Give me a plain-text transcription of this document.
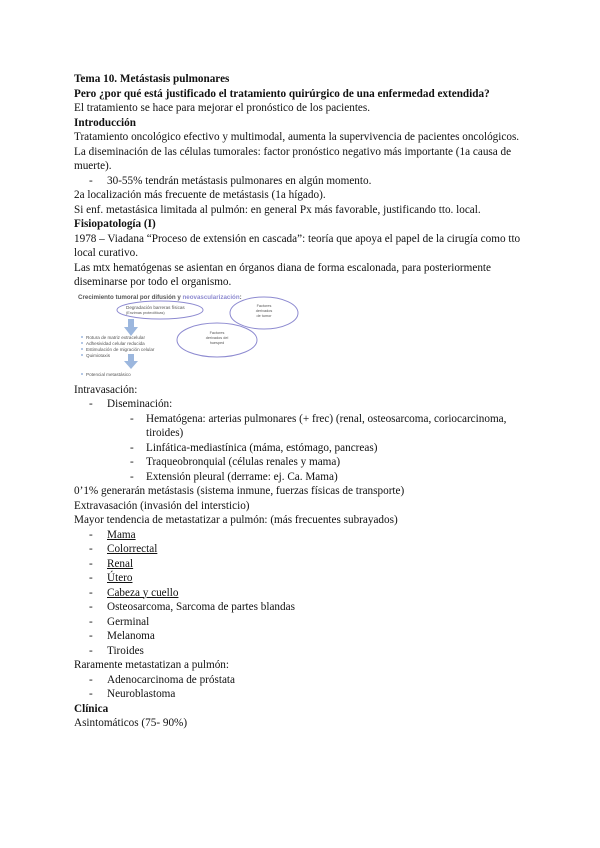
Tema 10. Metástasis pulmonares
Pero ¿por qué está justificado el tratamiento quirúrgico de una enfermedad extendida?
El tratamiento se hace para mejorar el pronóstico de los pacientes.
Introducción
Tratamiento oncológico efectivo y multimodal, aumenta la supervivencia de pacientes oncológicos.
La diseminación de las células tumorales: factor pronóstico negativo más importante (1a causa de muerte).
- 30-55% tendrán metástasis pulmonares en algún momento.
2a localización más frecuente de metástasis (1a hígado).
Si enf. metastásica limitada al pulmón: en general Px más favorable, justificando tto. local.
Fisiopatología (I)
1978 – Viadana “Proceso de extensión en cascada”: teoría que apoya el papel de la cirugía como tto local curativo.
Las mtx hematógenas se asientan en órganos diana de forma escalonada, para posteriormente diseminarse por todo el organismo.
Crecimiento tumoral por difusión y neovascularización:
Degradación barreras físicas
(Enzimas proteolíticas)
Factores
derivados
de tumor
Factores
derivados del
huesped
Rotura de matriz extracelular
Adhesividad celular reducida
Estimulación de migración celular
Quimiotaxis
Potencial metastásico
Intravasación:
- Diseminación:
- Hematógena: arterias pulmonares (+ frec) (renal, osteosarcoma, coriocarcinoma, tiroides)
- Linfática-mediastínica (máma, estómago, pancreas)
- Traqueobronquial (células renales y mama)
- Extensión pleural (derrame: ej. Ca. Mama)
0’1% generarán metástasis (sistema inmune, fuerzas físicas de transporte)
Extravasación (invasión del intersticio)
Mayor tendencia de metastatizar a pulmón: (más frecuentes subrayados)
- Mama
- Colorrectal
- Renal
- Útero
- Cabeza y cuello
- Osteosarcoma, Sarcoma de partes blandas
- Germinal
- Melanoma
- Tiroides
Raramente metastatizan a pulmón:
- Adenocarcinoma de próstata
- Neuroblastoma
Clínica
Asintomáticos (75- 90%)
